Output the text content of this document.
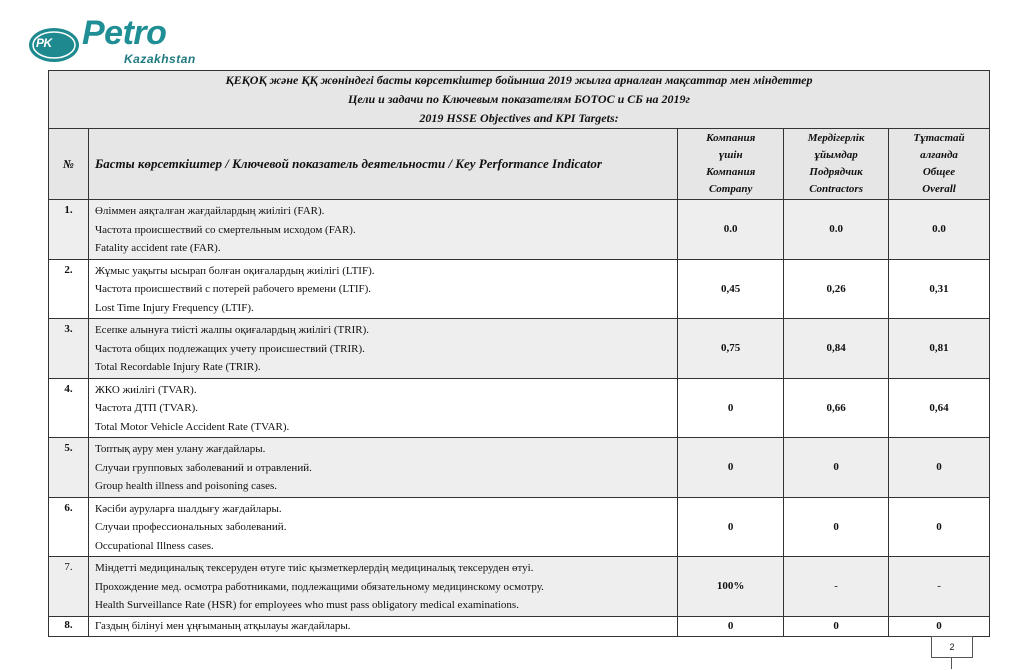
PK Petro
Kazakhstan
ҚЕҚОҚ және ҚҚ жөніндегі басты көрсеткіштер бойынша 2019 жылға арналған мақсаттар мен міндеттер
Цели и задачи по Ключевым показателям БОТОС и СБ на 2019г
2019 HSSE Objectives and KPI Targets:				

№	Басты көрсеткіштер / Ключевой показатель деятельности / Key Performance Indicator	Компания
үшін
Компания
Company	Мердігерлік
ұйымдар
Подрядчик
Contractors	Тұтастай
алғанда
Общее
Overall

1.	Өліммен аяқталған жағдайлардың жиілігі (FAR).
Частота происшествий со смертельным исходом (FAR).
Fatality accident rate (FAR).	0.0	0.0	0.0
2.	Жұмыс уақыты ысырап болған оқиғалардың жиілігі (LTIF).
Частота происшествий с потерей рабочего времени (LTIF).
Lost Time Injury Frequency (LTIF).	0,45	0,26	0,31
3.	Есепке алынуға тиісті жалпы оқиғалардың жиілігі (TRIR).
Частота общих подлежащих учету происшествий (TRIR).
Total Recordable Injury Rate (TRIR).	0,75	0,84	0,81
4.	ЖКО жиілігі (TVAR).
Частота ДТП (TVAR).
Total Motor Vehicle Accident Rate (TVAR).	0	0,66	0,64
5.	Топтық ауру мен улану жағдайлары.
Случаи групповых заболеваний и отравлений.
Group health illness and poisoning cases.	0	0	0
6.	Кәсіби ауруларға шалдығу жағдайлары.
Случаи профессиональных заболеваний.
Occupational Illness cases.	0	0	0
7.	Міндетті медициналық тексеруден өтуге тиіс қызметкерлердің медициналық тексеруден өтуі.
Прохождение мед. осмотра работниками, подлежащими обязательному медицинскому осмотру.
Health Surveillance Rate (HSR) for employees who must pass obligatory medical examinations.	100%	-	-
8.	Газдың білінуі мен ұңғыманың атқылауы жағдайлары.	0	0	0
2
